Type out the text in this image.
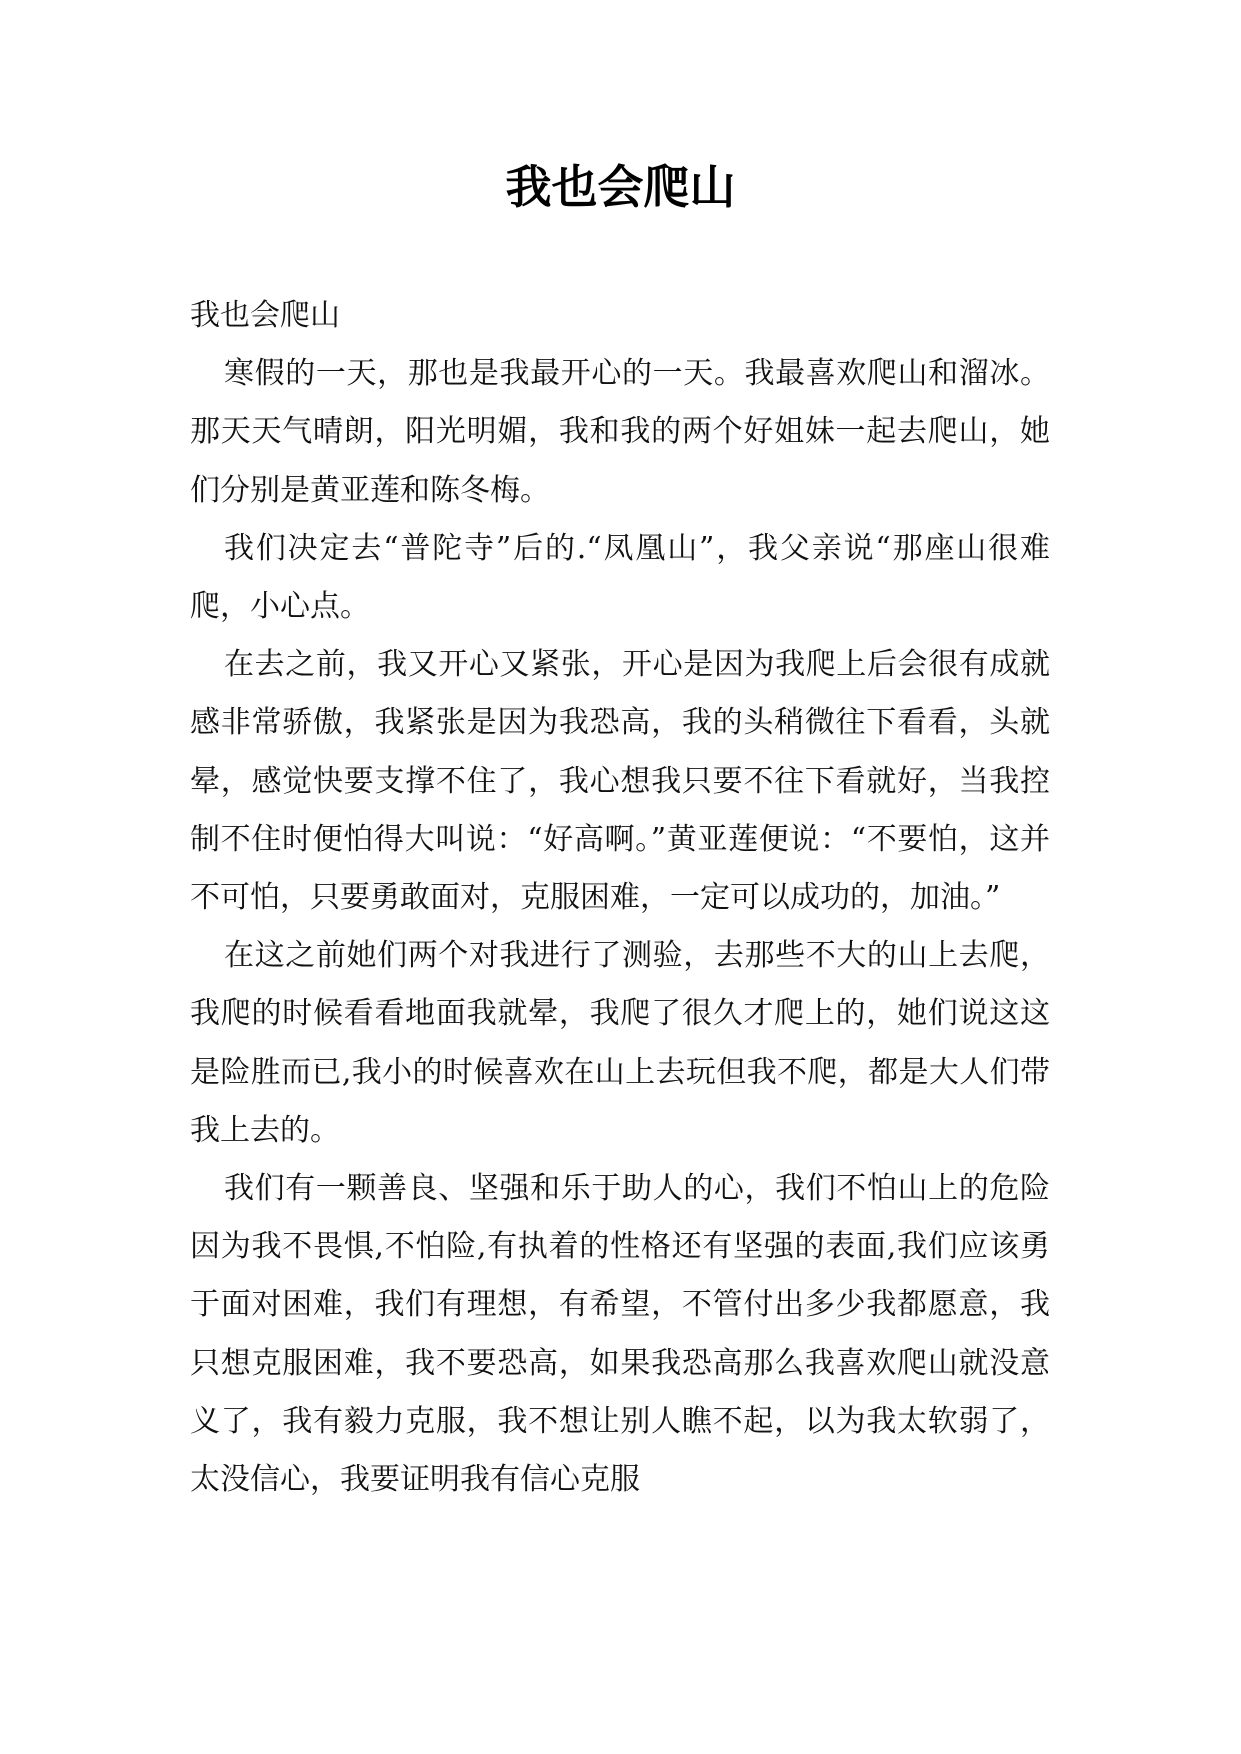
我也会爬山

我也会爬山

寒假的一天，那也是我最开心的一天。我最喜欢爬山和溜冰。那天天气晴朗，阳光明媚，我和我的两个好姐妹一起去爬山，她们分别是黄亚莲和陈冬梅。

我们决定去“普陀寺”后的.“凤凰山”，我父亲说“那座山很难爬，小心点。

在去之前，我又开心又紧张，开心是因为我爬上后会很有成就感非常骄傲，我紧张是因为我恐高，我的头稍微往下看看，头就晕，感觉快要支撑不住了，我心想我只要不往下看就好，当我控制不住时便怕得大叫说：“好高啊。”黄亚莲便说：“不要怕，这并不可怕，只要勇敢面对，克服困难，一定可以成功的，加油。”

在这之前她们两个对我进行了测验，去那些不大的山上去爬，我爬的时候看看地面我就晕，我爬了很久才爬上的，她们说这这是险胜而已,我小的时候喜欢在山上去玩但我不爬，都是大人们带我上去的。

我们有一颗善良、坚强和乐于助人的心，我们不怕山上的危险因为我不畏惧,不怕险,有执着的性格还有坚强的表面,我们应该勇于面对困难，我们有理想，有希望，不管付出多少我都愿意，我只想克服困难，我不要恐高，如果我恐高那么我喜欢爬山就没意义了，我有毅力克服，我不想让别人瞧不起，以为我太软弱了，太没信心，我要证明我有信心克服
